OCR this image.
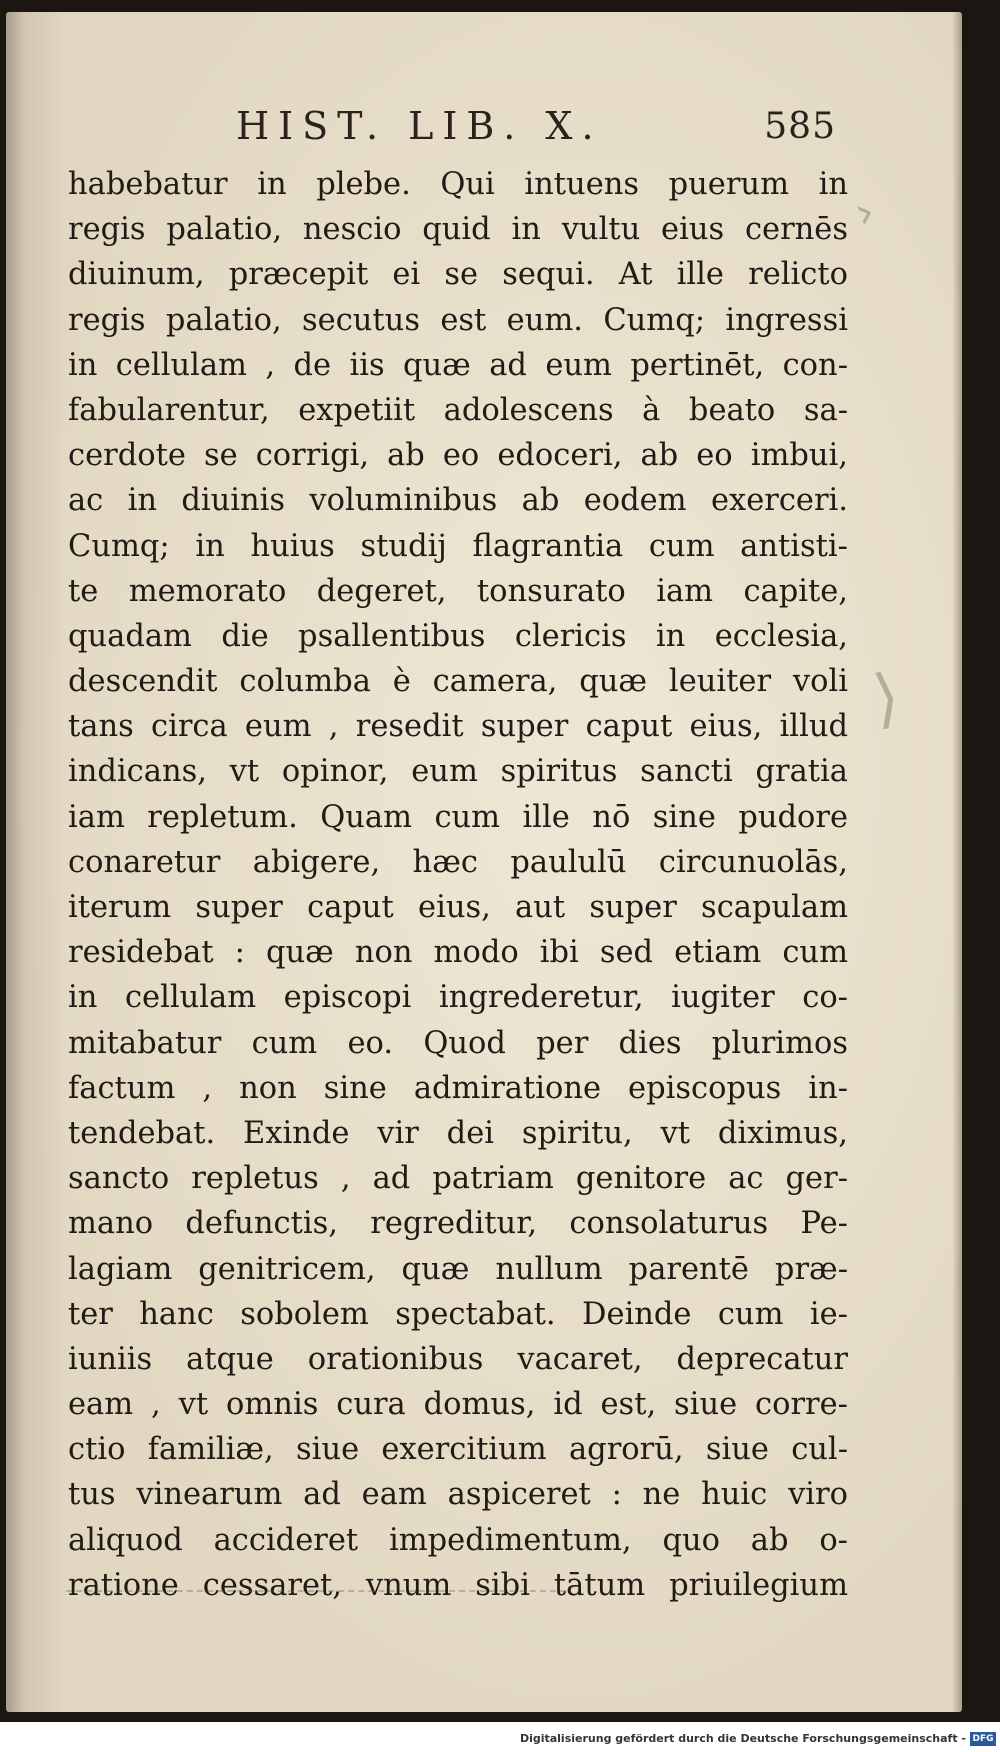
HIST. LIB. X.	585
habebatur in plebe. Qui intuens puerum in
regis palatio, nescio quid in vultu eius cernēs
diuinum, præcepit ei se sequi. At ille relicto
regis palatio, secutus est eum. Cumq; ingressi
in cellulam , de iis quæ ad eum pertinēt, con-
fabularentur, expetiit adolescens à beato sa-
cerdote se corrigi, ab eo edoceri, ab eo imbui,
ac in diuinis voluminibus ab eodem exerceri.
Cumq; in huius studij flagrantia cum antisti-
te memorato degeret, tonsurato iam capite,
quadam die psallentibus clericis in ecclesia,
descendit columba è camera, quæ leuiter voli
tans circa eum , resedit super caput eius, illud
indicans, vt opinor, eum spiritus sancti gratia
iam repletum. Quam cum ille nō sine pudore
conaretur abigere, hæc paululū circunuolās,
iterum super caput eius, aut super scapulam
residebat : quæ non modo ibi sed etiam cum
in cellulam episcopi ingrederetur, iugiter co-
mitabatur cum eo. Quod per dies plurimos
factum , non sine admiratione episcopus in-
tendebat. Exinde vir dei spiritu, vt diximus,
sancto repletus , ad patriam genitore ac ger-
mano defunctis, regreditur, consolaturus Pe-
lagiam genitricem, quæ nullum parentē præ-
ter hanc sobolem spectabat. Deinde cum ie-
iuniis atque orationibus vacaret, deprecatur
eam , vt omnis cura domus, id est, siue corre-
ctio familiæ, siue exercitium agrorū, siue cul-
tus vinearum ad eam aspiceret : ne huic viro
aliquod accideret impedimentum, quo ab o-
ratione cessaret, vnum sibi tātum priuilegium
›
⟩
Digitalisierung gefördert durch die Deutsche Forschungsgemeinschaft - DFG
